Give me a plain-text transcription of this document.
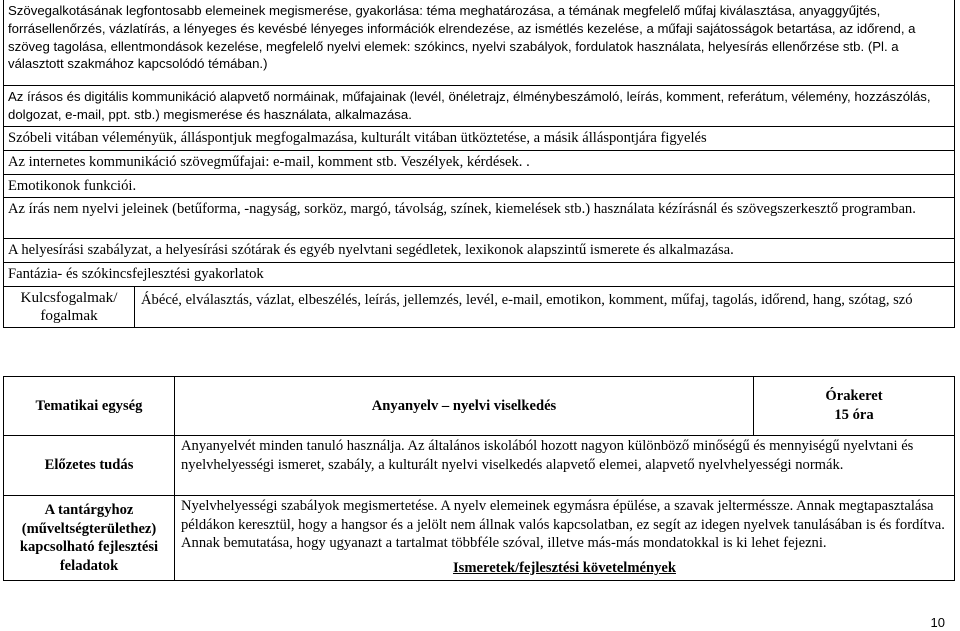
Szövegalkotásának legfontosabb elemeinek megismerése, gyakorlása: téma meghatározása, a témának megfelelő műfaj kiválasztása, anyaggyűjtés, forrásellenőrzés, vázlatírás, a lényeges és kevésbé lényeges információk elrendezése, az ismétlés kezelése, a műfaji sajátosságok betartása, az időrend, a szöveg tagolása, ellentmondások kezelése, megfelelő nyelvi elemek: szókincs, nyelvi szabályok, fordulatok használata, helyesírás ellenőrzése stb. (Pl. a választott szakmához kapcsolódó témában.)
Az írásos és digitális kommunikáció alapvető normáinak, műfajainak (levél, önéletrajz, élménybeszámoló, leírás, komment, referátum, vélemény, hozzászólás, dolgozat, e-mail, ppt. stb.) megismerése és használata, alkalmazása.
Szóbeli vitában véleményük, álláspontjuk megfogalmazása, kulturált vitában ütköztetése, a másik álláspontjára figyelés
Az internetes kommunikáció szövegműfajai: e-mail, komment stb. Veszélyek, kérdések. .
Emotikonok funkciói.
Az írás nem nyelvi jeleinek (betűforma, -nagyság, sorköz, margó, távolság, színek, kiemelések stb.) használata kézírásnál és szövegszerkesztő programban.
A helyesírási szabályzat, a helyesírási szótárak és egyéb nyelvtani segédletek, lexikonok alapszintű ismerete és alkalmazása.
Fantázia- és szókincsfejlesztési gyakorlatok

Kulcsfogalmak/
fogalmak
	Ábécé, elválasztás, vázlat, elbeszélés, leírás, jellemzés, levél, e-mail, emotikon, komment, műfaj, tagolás, időrend, hang, szótag, szó
Tematikai egység	Anyanyelv – nyelvi viselkedés	Órakeret
15 óra

Előzetes tudás	Anyanyelvét minden tanuló használja. Az általános iskolából hozott nagyon különböző minőségű és mennyiségű nyelvtani és nyelvhelyességi ismeret, szabály, a kulturált nyelvi viselkedés alapvető elemei, alapvető nyelvhelyességi normák.	
A tantárgyhoz (műveltségterülethez) kapcsolható fejlesztési feladatok	Nyelvhelyességi szabályok megismertetése. A nyelv elemeinek egymásra épülése, a szavak jelterméssze. Annak megtapasztalása példákon keresztül, hogy a hangsor és a jelölt nem állnak valós kapcsolatban, ez segít az idegen nyelvek tanulásában is és fordítva.
Annak bemutatása, hogy ugyanazt a tartalmat többféle szóval, illetve más-más mondatokkal is ki lehet fejezni.
Ismeretek/fejlesztési követelmények	
10
